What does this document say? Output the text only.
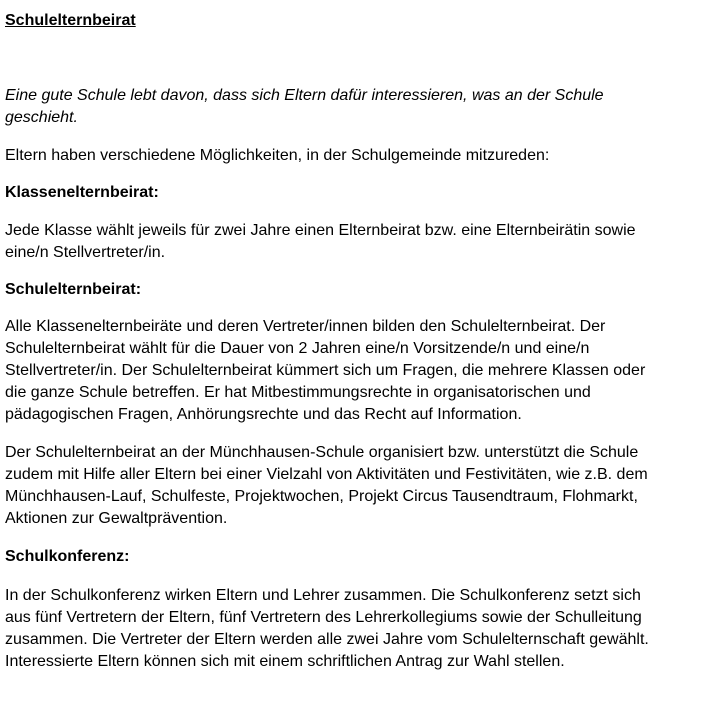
Schulelternbeirat

Eine gute Schule lebt davon, dass sich Eltern dafür interessieren, was an der Schule
geschieht.

Eltern haben verschiedene Möglichkeiten, in der Schulgemeinde mitzureden:

Klassenelternbeirat:

Jede Klasse wählt jeweils für zwei Jahre einen Elternbeirat bzw. eine Elternbeirätin sowie
eine/n Stellvertreter/in.

Schulelternbeirat:

Alle Klassenelternbeiräte und deren Vertreter/innen bilden den Schulelternbeirat. Der
Schulelternbeirat wählt für die Dauer von 2 Jahren eine/n Vorsitzende/n und eine/n
Stellvertreter/in. Der Schulelternbeirat kümmert sich um Fragen, die mehrere Klassen oder
die ganze Schule betreffen. Er hat Mitbestimmungsrechte in organisatorischen und
pädagogischen Fragen, Anhörungsrechte und das Recht auf Information.

Der Schulelternbeirat an der Münchhausen-Schule organisiert bzw. unterstützt die Schule
zudem mit Hilfe aller Eltern bei einer Vielzahl von Aktivitäten und Festivitäten, wie z.B. dem
Münchhausen-Lauf, Schulfeste, Projektwochen, Projekt Circus Tausendtraum, Flohmarkt,
Aktionen zur Gewaltprävention.

Schulkonferenz:

In der Schulkonferenz wirken Eltern und Lehrer zusammen. Die Schulkonferenz setzt sich
aus fünf Vertretern der Eltern, fünf Vertretern des Lehrerkollegiums sowie der Schulleitung
zusammen. Die Vertreter der Eltern werden alle zwei Jahre vom Schulelternschaft gewählt.
Interessierte Eltern können sich mit einem schriftlichen Antrag zur Wahl stellen.
